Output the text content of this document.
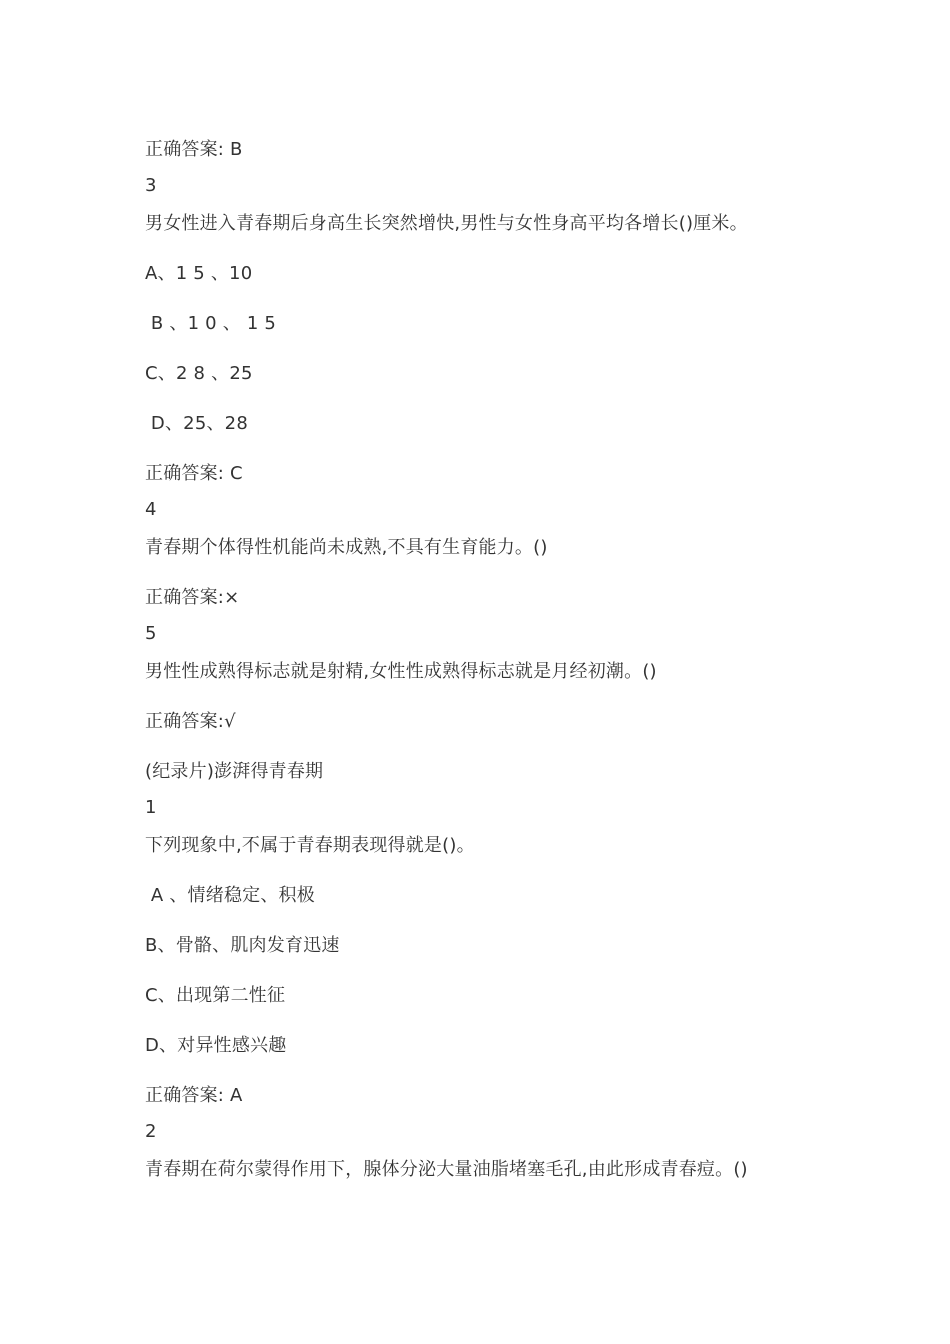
正确答案: B
3
男女性进入青春期后身高生长突然增快,男性与女性身高平均各增长()厘米。
A、1 5 、10
B 、1 0 、 1 5
C、2 8 、25
D、25、28
正确答案: C
4
青春期个体得性机能尚未成熟,不具有生育能力。()
正确答案:×
5
男性性成熟得标志就是射精,女性性成熟得标志就是月经初潮。()
正确答案:√
(纪录片)澎湃得青春期
1
下列现象中,不属于青春期表现得就是()。
A 、情绪稳定、积极
B、骨骼、肌肉发育迅速
C、出现第二性征
D、对异性感兴趣
正确答案: A
2
青春期在荷尔蒙得作用下，腺体分泌大量油脂堵塞毛孔,由此形成青春痘。()
